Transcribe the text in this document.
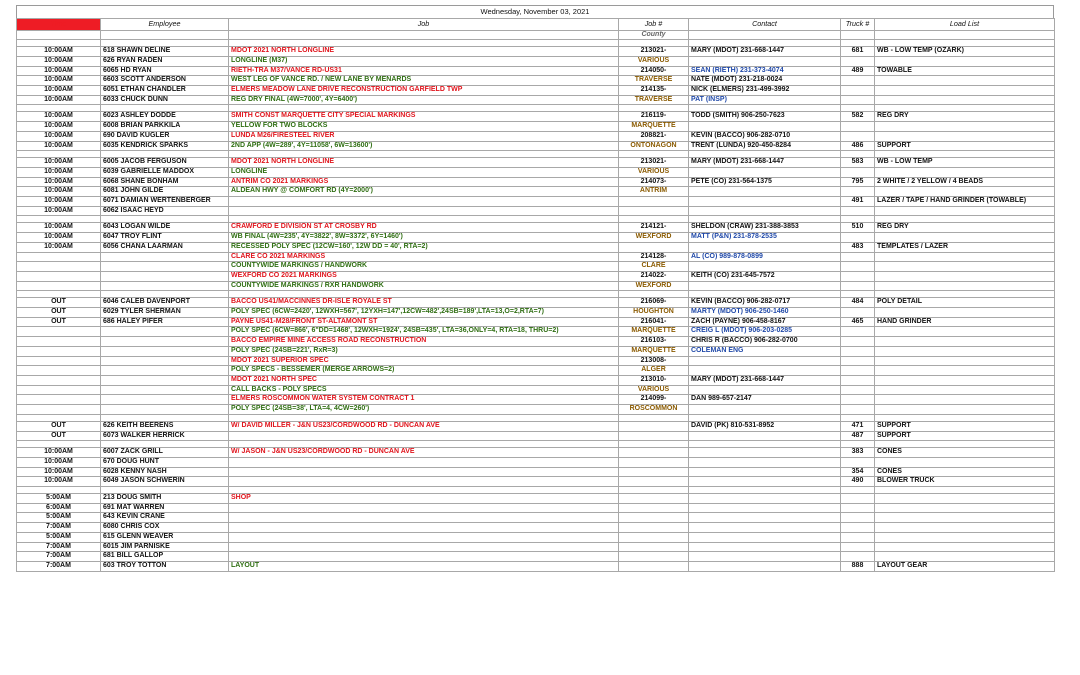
Wednesday, November 03, 2021
Time	Employee	Job	Job #	Contact	Truck #	Load List
			County			

10:00AM	618 SHAWN DELINE	MDOT 2021 NORTH LONGLINE	213021-	MARY (MDOT) 231-668-1447	681	WB - LOW TEMP (OZARK)
10:00AM	626 RYAN RADEN	LONGLINE (M37)	VARIOUS			
10:00AM	6065 HD RYAN	RIETH-TRA M37/VANCE RD-US31	214050-	SEAN (RIETH) 231-373-4074	489	TOWABLE
10:00AM	6603 SCOTT ANDERSON	WEST LEG OF VANCE RD. / NEW LANE BY MENARDS	TRAVERSE	NATE (MDOT) 231-218-0024		
10:00AM	6051 ETHAN CHANDLER	ELMERS MEADOW LANE DRIVE RECONSTRUCTION GARFIELD TWP	214135-	NICK (ELMERS) 231-499-3992		
10:00AM	6033 CHUCK DUNN	REG DRY FINAL (4W=7000', 4Y=6400')	TRAVERSE	PAT (INSP)		

10:00AM	6023 ASHLEY DODDE	SMITH CONST MARQUETTE CITY SPECIAL MARKINGS	216119-	TODD (SMITH) 906-250-7623	582	REG DRY
10:00AM	6008 BRIAN PARKKILA	YELLOW FOR TWO BLOCKS	MARQUETTE			
10:00AM	690 DAVID KUGLER	LUNDA M26/FIRESTEEL RIVER	208821-	KEVIN (BACCO) 906-282-0710		
10:00AM	6035 KENDRICK SPARKS	2ND APP (4W=289', 4Y=11058', 6W=13600')	ONTONAGON	TRENT (LUNDA) 920-450-8284	486	SUPPORT

10:00AM	6005 JACOB FERGUSON	MDOT 2021 NORTH LONGLINE	213021-	MARY (MDOT) 231-668-1447	583	WB - LOW TEMP
10:00AM	6039 GABRIELLE MADDOX	LONGLINE	VARIOUS			
10:00AM	6068 SHANE BONHAM	ANTRIM CO 2021 MARKINGS	214073-	PETE (CO) 231-564-1375	795	2 WHITE / 2 YELLOW / 4 BEADS
10:00AM	6081 JOHN GILDE	ALDEAN HWY @ COMFORT RD (4Y=2000')	ANTRIM			
10:00AM	6071 DAMIAN WERTENBERGER				491	LAZER / TAPE / HAND GRINDER (TOWABLE)
10:00AM	6062 ISAAC HEYD					

10:00AM	6043 LOGAN WILDE	CRAWFORD E DIVISION ST AT CROSBY RD	214121-	SHELDON (CRAW) 231-388-3853	510	REG DRY
10:00AM	6047 TROY FLINT	WB FINAL (4W=235', 4Y=3822', 8W=3372', 6Y=1460')	WEXFORD	MATT (P&N) 231-878-2535		
10:00AM	6056 CHANA LAARMAN	RECESSED POLY SPEC (12CW=160', 12W DD = 40', RTA=2)			483	TEMPLATES / LAZER
		CLARE CO 2021 MARKINGS	214128-	AL (CO) 989-878-0899		
		COUNTYWIDE MARKINGS / HANDWORK	CLARE			
		WEXFORD CO 2021 MARKINGS	214022-	KEITH (CO) 231-645-7572		
		COUNTYWIDE MARKINGS / RXR HANDWORK	WEXFORD			

OUT	6046 CALEB DAVENPORT	BACCO US41/MACCINNES DR-ISLE ROYALE ST	216069-	KEVIN (BACCO) 906-282-0717	484	POLY DETAIL
OUT	6029 TYLER SHERMAN	POLY SPEC (6CW=2420', 12WXH=567', 12YXH=147',12CW=482',24SB=189',LTA=13,O=2,RTA=7)	HOUGHTON	MARTY (MDOT) 906-250-1460		
OUT	686 HALEY PIFER	PAYNE US41-M28/FRONT ST-ALTAMONT ST	216041-	ZACH (PAYNE) 906-458-8167	465	HAND GRINDER
		POLY SPEC (6CW=866', 6"DD=1468', 12WXH=1924', 24SB=435', LTA=36,ONLY=4, RTA=18, THRU=2)	MARQUETTE	CREIG L (MDOT) 906-203-0285		
		BACCO EMPIRE MINE ACCESS ROAD RECONSTRUCTION	216103-	CHRIS R (BACCO) 906-282-0700		
		POLY SPEC (24SB=221', RxR=3)	MARQUETTE	COLEMAN ENG		
		MDOT 2021 SUPERIOR SPEC	213008-			
		POLY SPECS - BESSEMER (MERGE ARROWS=2)	ALGER			
		MDOT 2021 NORTH SPEC	213010-	MARY (MDOT) 231-668-1447		
		CALL BACKS - POLY SPECS	VARIOUS			
		ELMERS ROSCOMMON WATER SYSTEM CONTRACT 1	214099-	DAN 989-657-2147		
		POLY SPEC (24SB=38', LTA=4, 4CW=260')	ROSCOMMON			

OUT	626 KEITH BEERENS	W/ DAVID MILLER - J&N US23/CORDWOOD RD - DUNCAN AVE		DAVID (PK) 810-531-8952	471	SUPPORT
OUT	6073 WALKER HERRICK				487	SUPPORT

10:00AM	6007 ZACK GRILL	W/ JASON - J&N US23/CORDWOOD RD - DUNCAN AVE			383	CONES
10:00AM	670 DOUG HUNT					
10:00AM	6028 KENNY NASH				354	CONES
10:00AM	6049 JASON SCHWERIN				490	BLOWER TRUCK

5:00AM	213 DOUG SMITH	SHOP				
6:00AM	691 MAT WARREN					
5:00AM	643 KEVIN CRANE					
7:00AM	6080 CHRIS COX					
5:00AM	615 GLENN WEAVER					
7:00AM	6015 JIM PARNISKE					
7:00AM	681 BILL GALLOP					
7:00AM	603 TROY TOTTON	LAYOUT			888	LAYOUT GEAR
